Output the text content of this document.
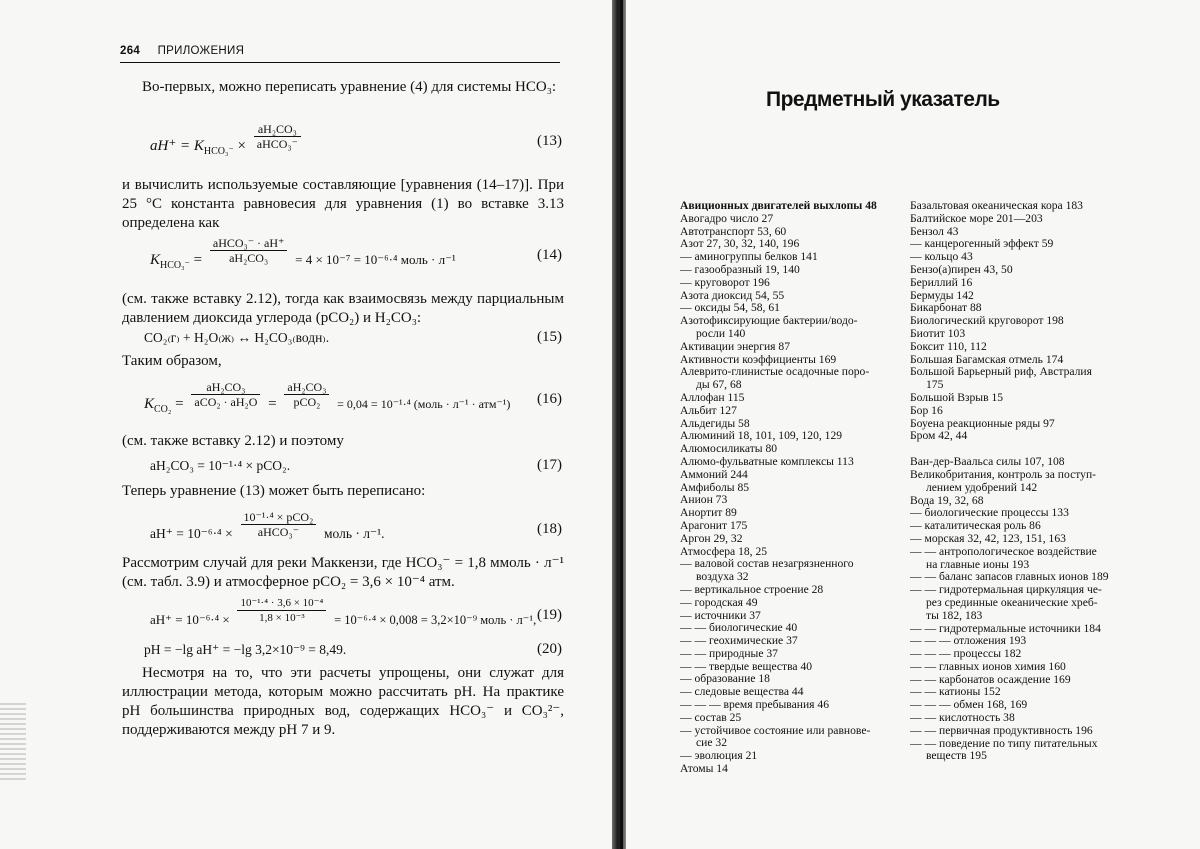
264 ПРИЛОЖЕНИЯ
Во-первых, можно переписать уравнение (4) для системы HCO₃:
$aH^+ = K_{HCO_3^-} \times \frac{\text{aH₂CO₃}}{\text{aHCO₃⁻}}$	(13)
и вычислить используемые составляющие [уравнения (14–17)]. При 25 °C константа равновесия для уравнения (1) во вставке 3.13 определена как
$K_{HCO_3^-} = \frac{\text{aHCO₃⁻ · aH⁺}}{\text{aH₂CO₃}} = 4 \times 10^{-7} = 10^{-6}\cdot^4$ моль · л⁻¹	(14)
(см. также вставку 2.12), тогда как взаимосвязь между парциальным давлением диоксида углерода (pCO₂) и H₂CO₃:
CO₂₍г₎ + H₂O₍ж₎ ↔ H₂CO₃₍водн₎.	(15)
Таким образом,
$K_{CO_2} = \frac{\text{aH₂CO₃}}{\text{aCO₂ · aH₂O}} = \frac{\text{aH₂CO₃}}{\text{pCO₂}} _{= 0,04 = 10^{-1}\cdot^4 (моль \cdot л^{-1} \cdot атм^{-1})}$ (16)
(см. также вставку 2.12) и поэтому
aH₂CO₃ = 10⁻¹·⁴ × pCO₂.	(17)
Теперь уравнение (13) может быть переписано:
$aH^+ = 10^{-6}\cdot^4 \times \frac{\text{10⁻¹·⁴ × pCO₂}}{\text{aHCO₃⁻}}$ моль · л⁻¹.	(18)
Рассмотрим случай для реки Маккензи, где HCO₃⁻ = 1,8 ммоль · л⁻¹ (см. табл. 3.9) и атмосферное pCO₂ = 3,6 × 10⁻⁴ атм.
$aH^+ = 10^{-6}\cdot^4 \times \frac{\text{10⁻¹·⁴ · 3,6 × 10⁻⁴}}{\text{1,8 × 10⁻³}} _{= 10^{-6}\cdot^4 \times 0,008 = 3,2\times 10^{-9} моль \cdot л^{-1},}$ (19)
pH = −lg aH⁺ = −lg 3,2×10⁻⁹ = 8,49.	(20)
Несмотря на то, что эти расчеты упрощены, они служат для иллюстрации метода, которым можно рассчитать pH. На практике pH большинства природных вод, содержащих HCO₃⁻ и CO₃²⁻, поддерживаются между pH 7 и 9.
Предметный указатель
Авиционных двигателей выхлопы 48
Авогадро число 27
Автотранспорт 53, 60
Азот 27, 30, 32, 140, 196
— аминогруппы белков 141
— газообразный 19, 140
— круговорот 196
Азота диоксид 54, 55
— оксиды 54, 58, 61
Азотофиксирующие бактерии/водо-
росли 140
Активации энергия 87
Активности коэффициенты 169
Алеврито-глинистые осадочные поро-
ды 67, 68
Аллофан 115
Альбит 127
Альдегиды 58
Алюминий 18, 101, 109, 120, 129
Алюмосиликаты 80
Алюмо-фульватные комплексы 113
Аммоний 244
Амфиболы 85
Анион 73
Анортит 89
Арагонит 175
Аргон 29, 32
Атмосфера 18, 25
— валовой состав незагрязненного
воздуха 32
— вертикальное строение 28
— городская 49
— источники 37
— — биологические 40
— — геохимические 37
— — природные 37
— — твердые вещества 40
— образование 18
— следовые вещества 44
— — — время пребывания 46
— состав 25
— устойчивое состояние или равнове-
сие 32
— эволюция 21
Атомы 14
Базальтовая океаническая кора 183
Балтийское море 201—203
Бензол 43
— канцерогенный эффект 59
— кольцо 43
Бензо(а)пирен 43, 50
Бериллий 16
Бермуды 142
Бикарбонат 88
Биологический круговорот 198
Биотит 103
Боксит 110, 112
Большая Багамская отмель 174
Большой Барьерный риф, Австралия
175
Большой Взрыв 15
Бор 16
Боуена реакционные ряды 97
Бром 42, 44
Ван-дер-Ваальса силы 107, 108
Великобритания, контроль за поступ-
лением удобрений 142
Вода 19, 32, 68
— биологические процессы 133
— каталитическая роль 86
— морская 32, 42, 123, 151, 163
— — антропологическое воздействие
на главные ионы 193
— — баланс запасов главных ионов 189
— — гидротермальная циркуляция че-
рез срединные океанические хреб-
ты 182, 183
— — гидротермальные источники 184
— — — отложения 193
— — — процессы 182
— — главных ионов химия 160
— — карбонатов осаждение 169
— — катионы 152
— — — обмен 168, 169
— — кислотность 38
— — первичная продуктивность 196
— — поведение по типу питательных
веществ 195
